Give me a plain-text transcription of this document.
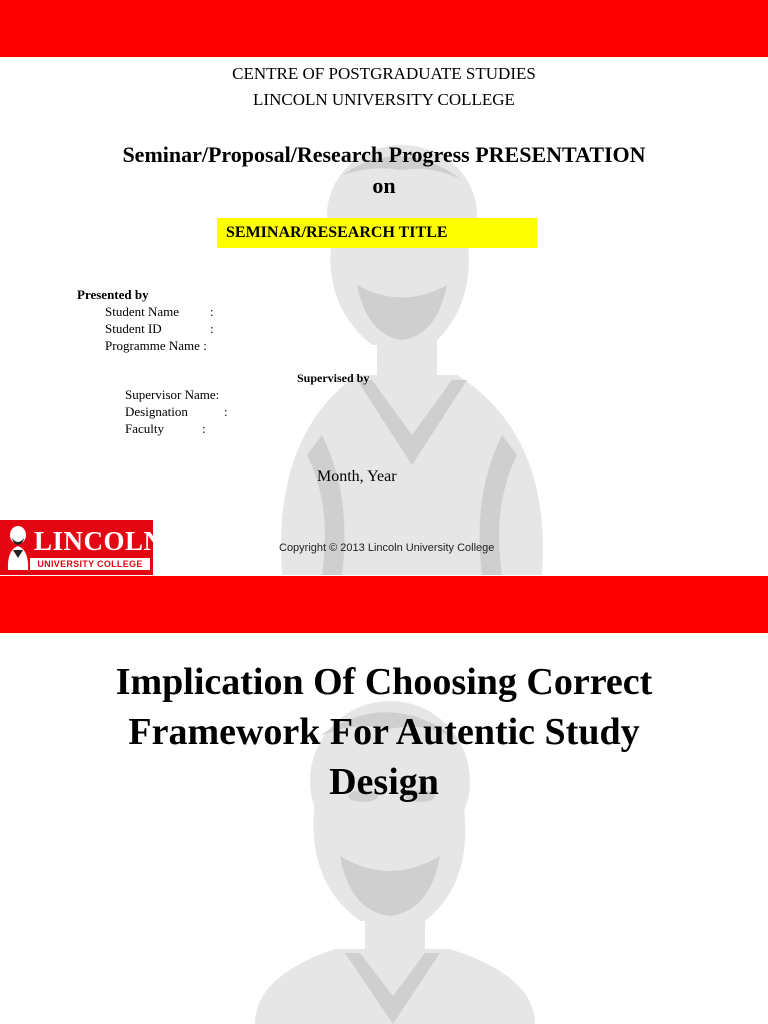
CENTRE OF POSTGRADUATE STUDIES

LINCOLN UNIVERSITY COLLEGE

Seminar/Proposal/Research Progress PRESENTATION

on

SEMINAR/RESEARCH TITLE

Presented by

Student Name :

Student ID	:

Programme Name :

Supervised by

Supervisor Name:

Designation	:

Faculty	:

Month, Year

LINCOLN
UNIVERSITY COLLEGE

Copyright © 2013 Lincoln University College

Implication Of Choosing Correct

Framework For Autentic Study

Design
